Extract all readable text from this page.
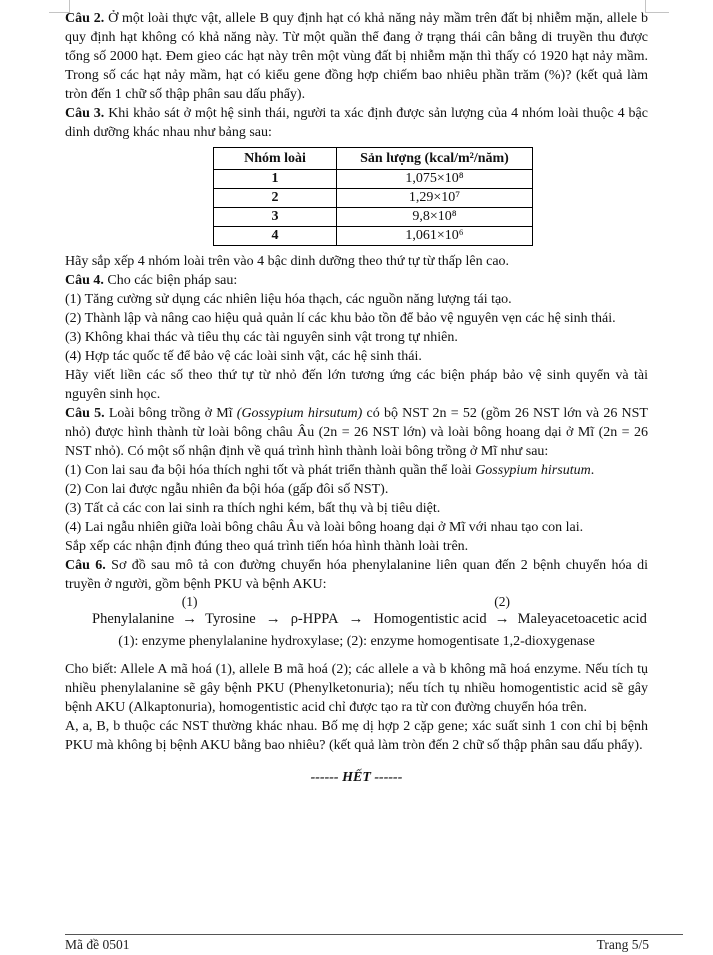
Câu 2. Ở một loài thực vật, allele B quy định hạt có khả năng nảy mầm trên đất bị nhiễm mặn, allele b quy định hạt không có khả năng này. Từ một quần thể đang ở trạng thái cân bằng di truyền thu được tổng số 2000 hạt. Đem gieo các hạt này trên một vùng đất bị nhiễm mặn thì thấy có 1920 hạt nảy mầm. Trong số các hạt nảy mầm, hạt có kiểu gene đồng hợp chiếm bao nhiêu phần trăm (%)? (kết quả làm tròn đến 1 chữ số thập phân sau dấu phẩy).

Câu 3. Khi khảo sát ở một hệ sinh thái, người ta xác định được sản lượng của 4 nhóm loài thuộc 4 bậc dinh dưỡng khác nhau như bảng sau:

Nhóm loài	Sản lượng (kcal/m²/năm)
1	1,075×10⁸
2	1,29×10⁷
3	9,8×10⁸
4	1,061×10⁶

Hãy sắp xếp 4 nhóm loài trên vào 4 bậc dinh dưỡng theo thứ tự từ thấp lên cao.

Câu 4. Cho các biện pháp sau:

(1) Tăng cường sử dụng các nhiên liệu hóa thạch, các nguồn năng lượng tái tạo.

(2) Thành lập và nâng cao hiệu quả quản lí các khu bảo tồn để bảo vệ nguyên vẹn các hệ sinh thái.

(3) Không khai thác và tiêu thụ các tài nguyên sinh vật trong tự nhiên.

(4) Hợp tác quốc tế để bảo vệ các loài sinh vật, các hệ sinh thái.

Hãy viết liền các số theo thứ tự từ nhỏ đến lớn tương ứng các biện pháp bảo vệ sinh quyển và tài nguyên sinh học.

Câu 5. Loài bông trồng ở Mĩ (Gossypium hirsutum) có bộ NST 2n = 52 (gồm 26 NST lớn và 26 NST nhỏ) được hình thành từ loài bông châu Âu (2n = 26 NST lớn) và loài bông hoang dại ở Mĩ (2n = 26 NST nhỏ). Có một số nhận định về quá trình hình thành loài bông trồng ở Mĩ như sau:

(1) Con lai sau đa bội hóa thích nghi tốt và phát triển thành quần thể loài Gossypium hirsutum.

(2) Con lai được ngẫu nhiên đa bội hóa (gấp đôi số NST).

(3) Tất cả các con lai sinh ra thích nghi kém, bất thụ và bị tiêu diệt.

(4) Lai ngẫu nhiên giữa loài bông châu Âu và loài bông hoang dại ở Mĩ với nhau tạo con lai.

Sắp xếp các nhận định đúng theo quá trình tiến hóa hình thành loài trên.

Câu 6. Sơ đồ sau mô tả con đường chuyển hóa phenylalanine liên quan đến 2 bệnh chuyển hóa di truyền ở người, gồm bệnh PKU và bệnh AKU:

Phenylalanine
(1)
→ Tyrosine → ρ-HPPA → Homogentistic acid
(2)
→ Maleyacetoacetic acid

(1): enzyme phenylalanine hydroxylase; (2): enzyme homogentisate 1,2-dioxygenase

Cho biết: Allele A mã hoá (1), allele B mã hoá (2); các allele a và b không mã hoá enzyme. Nếu tích tụ nhiều phenylalanine sẽ gây bệnh PKU (Phenylketonuria); nếu tích tụ nhiều homogentistic acid sẽ gây bệnh AKU (Alkaptonuria), homogentistic acid chỉ được tạo ra từ con đường chuyển hóa trên.

A, a, B, b thuộc các NST thường khác nhau. Bố mẹ dị hợp 2 cặp gene; xác suất sinh 1 con chỉ bị bệnh PKU mà không bị bệnh AKU bằng bao nhiêu? (kết quả làm tròn đến 2 chữ số thập phân sau dấu phẩy).

------ HẾT ------

Mã đề 0501	Trang 5/5
